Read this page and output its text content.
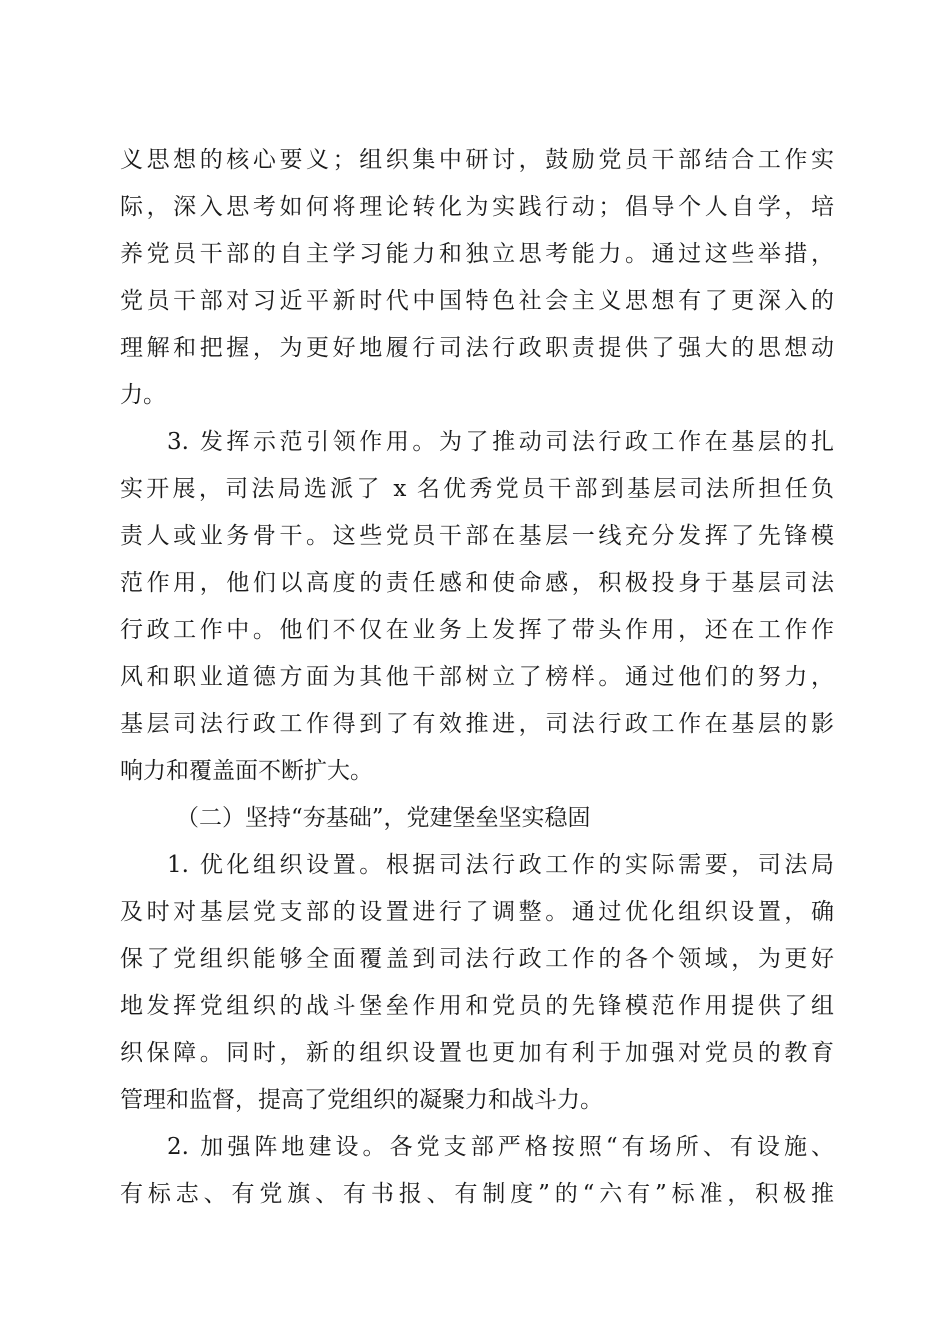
义思想的核心要义；组织集中研讨，鼓励党员干部结合工作实
际，深入思考如何将理论转化为实践行动；倡导个人自学，培
养党员干部的自主学习能力和独立思考能力。通过这些举措，
党员干部对习近平新时代中国特色社会主义思想有了更深入的
理解和把握，为更好地履行司法行政职责提供了强大的思想动
力。
3. 发挥示范引领作用。为了推动司法行政工作在基层的扎
实开展，司法局选派了 x 名优秀党员干部到基层司法所担任负
责人或业务骨干。这些党员干部在基层一线充分发挥了先锋模
范作用，他们以高度的责任感和使命感，积极投身于基层司法
行政工作中。他们不仅在业务上发挥了带头作用，还在工作作
风和职业道德方面为其他干部树立了榜样。通过他们的努力，
基层司法行政工作得到了有效推进，司法行政工作在基层的影
响力和覆盖面不断扩大。
（二）坚持“夯基础”，党建堡垒坚实稳固
1. 优化组织设置。根据司法行政工作的实际需要，司法局
及时对基层党支部的设置进行了调整。通过优化组织设置，确
保了党组织能够全面覆盖到司法行政工作的各个领域，为更好
地发挥党组织的战斗堡垒作用和党员的先锋模范作用提供了组
织保障。同时，新的组织设置也更加有利于加强对党员的教育
管理和监督，提高了党组织的凝聚力和战斗力。
2. 加强阵地建设。各党支部严格按照“有场所、有设施、
有标志、有党旗、有书报、有制度”的“六有”标准，积极推
